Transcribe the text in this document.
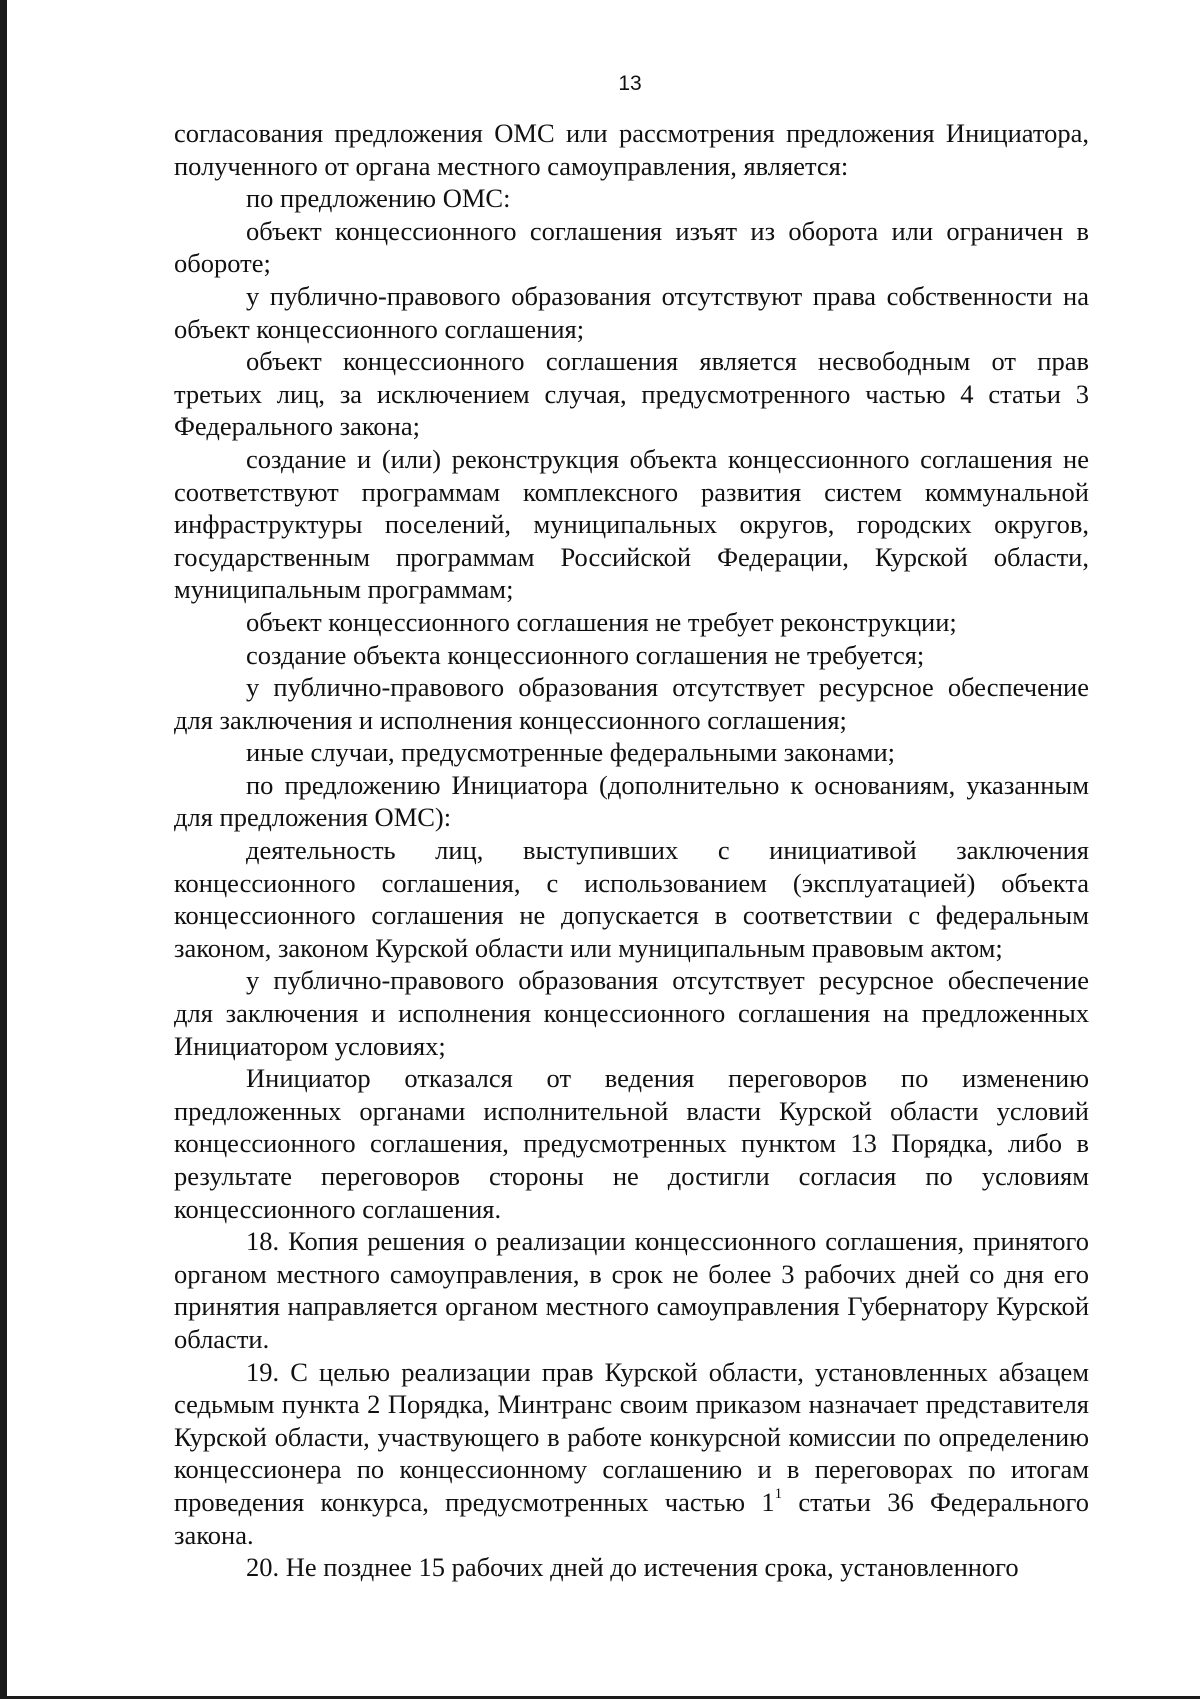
13

согласования предложения ОМС или рассмотрения предложения Инициатора, полученного от органа местного самоуправления, является:

по предложению ОМС:

объект концессионного соглашения изъят из оборота или ограничен в обороте;

у публично-правового образования отсутствуют права собственности на объект концессионного соглашения;

объект концессионного соглашения является несвободным от прав третьих лиц, за исключением случая, предусмотренного частью 4 статьи 3 Федерального закона;

создание и (или) реконструкция объекта концессионного соглашения не соответствуют программам комплексного развития систем коммунальной инфраструктуры поселений, муниципальных округов, городских округов, государственным программам Российской Федерации, Курской области, муниципальным программам;

объект концессионного соглашения не требует реконструкции;

создание объекта концессионного соглашения не требуется;

у публично-правового образования отсутствует ресурсное обеспечение для заключения и исполнения концессионного соглашения;

иные случаи, предусмотренные федеральными законами;

по предложению Инициатора (дополнительно к основаниям, указанным для предложения ОМС):

деятельность лиц, выступивших с инициативой заключения концессионного соглашения, с использованием (эксплуатацией) объекта концессионного соглашения не допускается в соответствии с федеральным законом, законом Курской области или муниципальным правовым актом;

у публично-правового образования отсутствует ресурсное обеспечение для заключения и исполнения концессионного соглашения на предложенных Инициатором условиях;

Инициатор отказался от ведения переговоров по изменению предложенных органами исполнительной власти Курской области условий концессионного соглашения, предусмотренных пунктом 13 Порядка, либо в результате переговоров стороны не достигли согласия по условиям концессионного соглашения.

18. Копия решения о реализации концессионного соглашения, принятого органом местного самоуправления, в срок не более 3 рабочих дней со дня его принятия направляется органом местного самоуправления Губернатору Курской области.

19. С целью реализации прав Курской области, установленных абзацем седьмым пункта 2 Порядка, Минтранс своим приказом назначает представителя Курской области, участвующего в работе конкурсной комиссии по определению концессионера по концессионному соглашению и в переговорах по итогам проведения конкурса, предусмотренных частью $1^1$ статьи 36 Федерального закона.

20. Не позднее 15 рабочих дней до истечения срока, установленного
